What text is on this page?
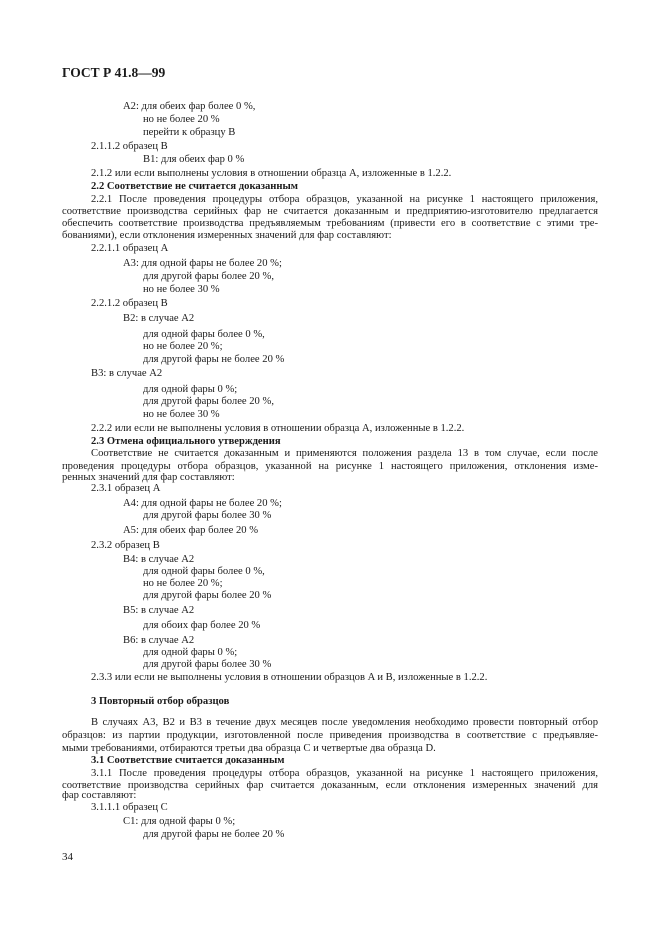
ГОСТ Р 41.8—99
A2: для обеих фар более 0 %,
но не более 20 %
перейти к образцу B
2.1.1.2 образец B
B1: для обеих фар 0 %
2.1.2 или если выполнены условия в отношении образца A, изложенные в 1.2.2.
2.2 Соответствие не считается доказанным
2.2.1 После проведения процедуры отбора образцов, указанной на рисунке 1 настоящего приложения,
соответствие производства серийных фар не считается доказанным и предприятию-изготовителю предлагается
обеспечить соответствие производства предъявляемым требованиям (привести его в соответствие с этими тре-
бованиями), если отклонения измеренных значений для фар составляют:
2.2.1.1 образец A
A3: для одной фары не более 20 %;
для другой фары более 20 %,
но не более 30 %
2.2.1.2 образец B
B2: в случае A2
для одной фары более 0 %,
но не более 20 %;
для другой фары не более 20 %
B3: в случае A2
для одной фары 0 %;
для другой фары более 20 %,
но не более 30 %
2.2.2 или если не выполнены условия в отношении образца A, изложенные в 1.2.2.
2.3 Отмена официального утверждения
Соответствие не считается доказанным и применяются положения раздела 13 в том случае, если после
проведения процедуры отбора образцов, указанной на рисунке 1 настоящего приложения, отклонения изме-
ренных значений для фар составляют:
2.3.1 образец A
A4: для одной фары не более 20 %;
для другой фары более 30 %
A5: для обеих фар более 20 %
2.3.2 образец B
B4: в случае A2
для одной фары более 0 %,
но не более 20 %;
для другой фары более 20 %
B5: в случае A2
для обоих фар более 20 %
B6: в случае A2
для одной фары 0 %;
для другой фары более 30 %
2.3.3 или если не выполнены условия в отношении образцов A и B, изложенные в 1.2.2.
3 Повторный отбор образцов
В случаях A3, B2 и B3 в течение двух месяцев после уведомления необходимо провести повторный отбор
образцов: из партии продукции, изготовленной после приведения производства в соответствие с предъявляе-
мыми требованиями, отбираются третьи два образца C и четвертые два образца D.
3.1 Соответствие считается доказанным
3.1.1 После проведения процедуры отбора образцов, указанной на рисунке 1 настоящего приложения,
соответствие производства серийных фар считается доказанным, если отклонения измеренных значений для
фар составляют:
3.1.1.1 образец C
C1: для одной фары 0 %;
для другой фары не более 20 %
34
